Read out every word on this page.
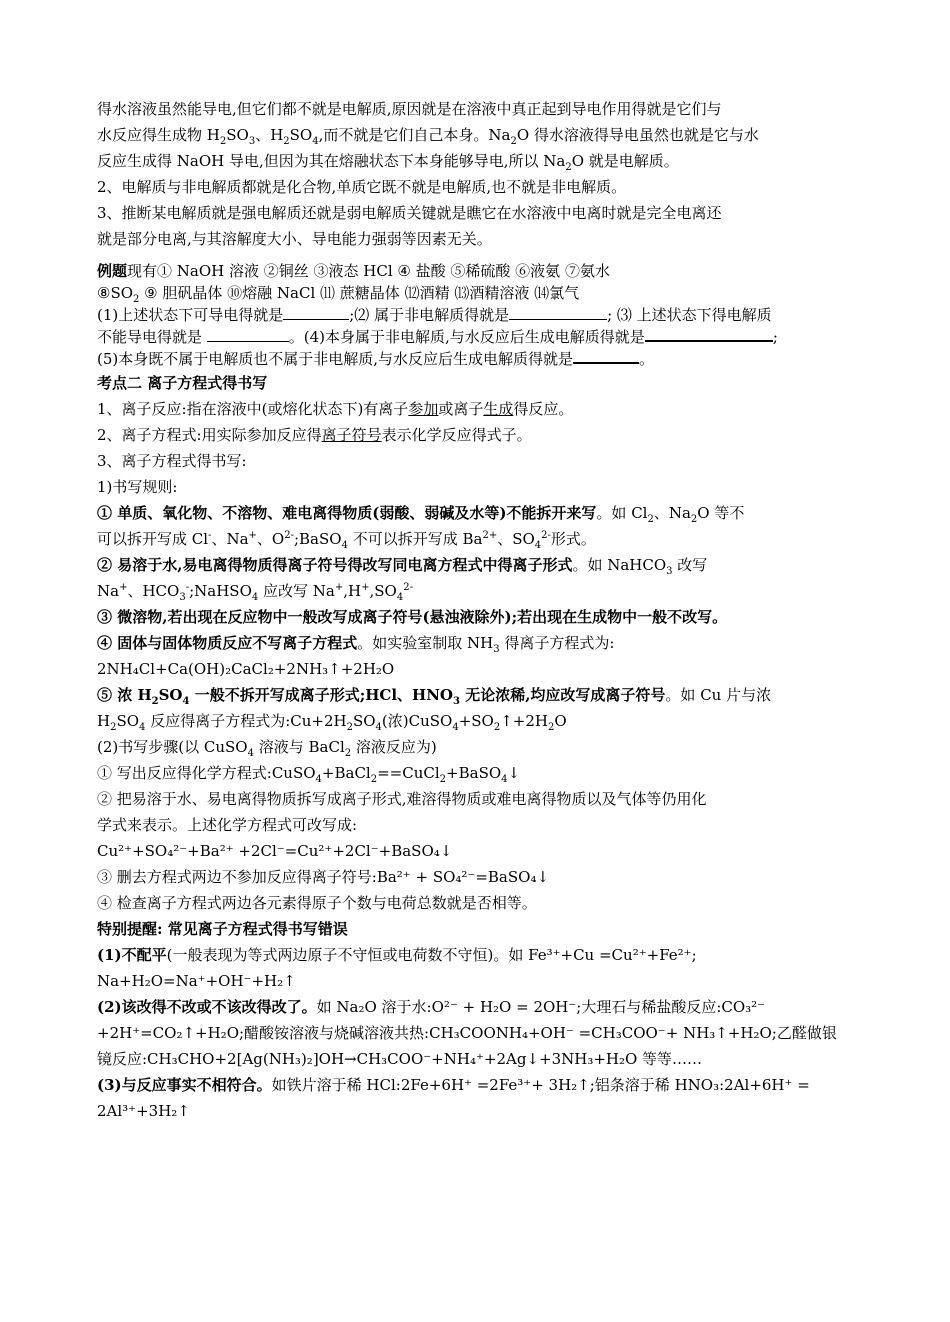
得水溶液虽然能导电,但它们都不就是电解质,原因就是在溶液中真正起到导电作用得就是它们与
水反应得生成物 $H_2SO_3$、$H_2SO_4$,而不就是它们自己本身。$Na_2O$ 得水溶液得导电虽然也就是它与水
反应生成得 NaOH 导电,但因为其在熔融状态下本身能够导电,所以 $Na_2O$ 就是电解质。
2、电解质与非电解质都就是化合物,单质它既不就是电解质,也不就是非电解质。
3、推断某电解质就是强电解质还就是弱电解质关键就是瞧它在水溶液中电离时就是完全电离还
就是部分电离,与其溶解度大小、导电能力强弱等因素无关。
例题现有① NaOH 溶液 ②铜丝 ③液态 HCl ④ 盐酸 ⑤稀硫酸 ⑥液氨 ⑦氨水
$⑧SO_2$ ⑨ 胆矾晶体 ⑩熔融 NaCl ⑾ 蔗糖晶体 ⑿酒精 ⒀酒精溶液 ⒁氯气
(1)上述状态下可导电得就是	;⑵ 属于非电解质得就是	; ⑶ 上述状态下得电解质
不能导电得就是	。(4)本身属于非电解质,与水反应后生成电解质得就是	;
(5)本身既不属于电解质也不属于非电解质,与水反应后生成电解质得就是	。
考点二 离子方程式得书写
1、离子反应:指在溶液中(或熔化状态下)有离子参加或离子生成得反应。
2、离子方程式:用实际参加反应得离子符号表示化学反应得式子。
3、离子方程式得书写:
1)书写规则:
① 单质、氧化物、不溶物、难电离得物质(弱酸、弱碱及水等)不能拆开来写。如 $Cl_2$、$Na_2O$ 等不
可以拆开写成 Cl-、Na+、$O^{2-};BaSO_4$ 不可以拆开写成 $Ba^{2+}$、$SO_4^{2-}$形式。
② 易溶于水,易电离得物质得离子符号得改写同电离方程式中得离子形式。如 NaHCO$_3$ 改写
Na+、$HCO_3^-;NaHSO_4$ 应改写 $Na^+,H^+,SO_4^{2-}$
③ 微溶物,若出现在反应物中一般改写成离子符号(悬浊液除外);若出现在生成物中一般不改写。
④ 固体与固体物质反应不写离子方程式。如实验室制取 $NH_3$ 得离子方程式为:
2NH₄Cl+Ca(OH)₂CaCl₂+2NH₃↑+2H₂O
⑤ 浓 $H_2SO_4$ 一般不拆开写成离子形式;HCl、$HNO_3$ 无论浓稀,均应改写成离子符号。如 Cu 片与浓
$H_2SO_4$ 反应得离子方程式为$:Cu+2H_2SO_4$(浓)$CuSO_4+SO_2↑+2H_2O$
(2)书写步骤(以 CuSO$_4$ 溶液与 BaCl$_2$ 溶液反应为)
① 写出反应得化学方程式:CuSO$_4$+BaCl$_2$==CuCl$_2$+BaSO$_4$↓
② 把易溶于水、易电离得物质拆写成离子形式,难溶得物质或难电离得物质以及气体等仍用化
学式来表示。上述化学方程式可改写成:
Cu²⁺+SO₄²⁻+Ba²⁺ +2Cl⁻=Cu²⁺+2Cl⁻+BaSO₄↓
③ 删去方程式两边不参加反应得离子符号:Ba²⁺ + SO₄²⁻=BaSO₄↓
④ 检查离子方程式两边各元素得原子个数与电荷总数就是否相等。
特别提醒: 常见离子方程式得书写错误
(1)不配平(一般表现为等式两边原子不守恒或电荷数不守恒)。如 Fe³⁺+Cu =Cu²⁺+Fe²⁺;
Na+H₂O=Na⁺+OH⁻+H₂↑
(2)该改得不改或不该改得改了。如 Na₂O 溶于水:O²⁻ + H₂O = 2OH⁻;大理石与稀盐酸反应:CO₃²⁻
+2H⁺=CO₂↑+H₂O;醋酸铵溶液与烧碱溶液共热:CH₃COONH₄+OH⁻ =CH₃COO⁻+ NH₃↑+H₂O;乙醛做银
镜反应:CH₃CHO+2[Ag(NH₃)₂]OH→CH₃COO⁻+NH₄⁺+2Ag↓+3NH₃+H₂O 等等……
(3)与反应事实不相符合。如铁片溶于稀 HCl:2Fe+6H⁺ =2Fe³⁺+ 3H₂↑;铝条溶于稀 HNO₃:2Al+6H⁺ =
2Al³⁺+3H₂↑
